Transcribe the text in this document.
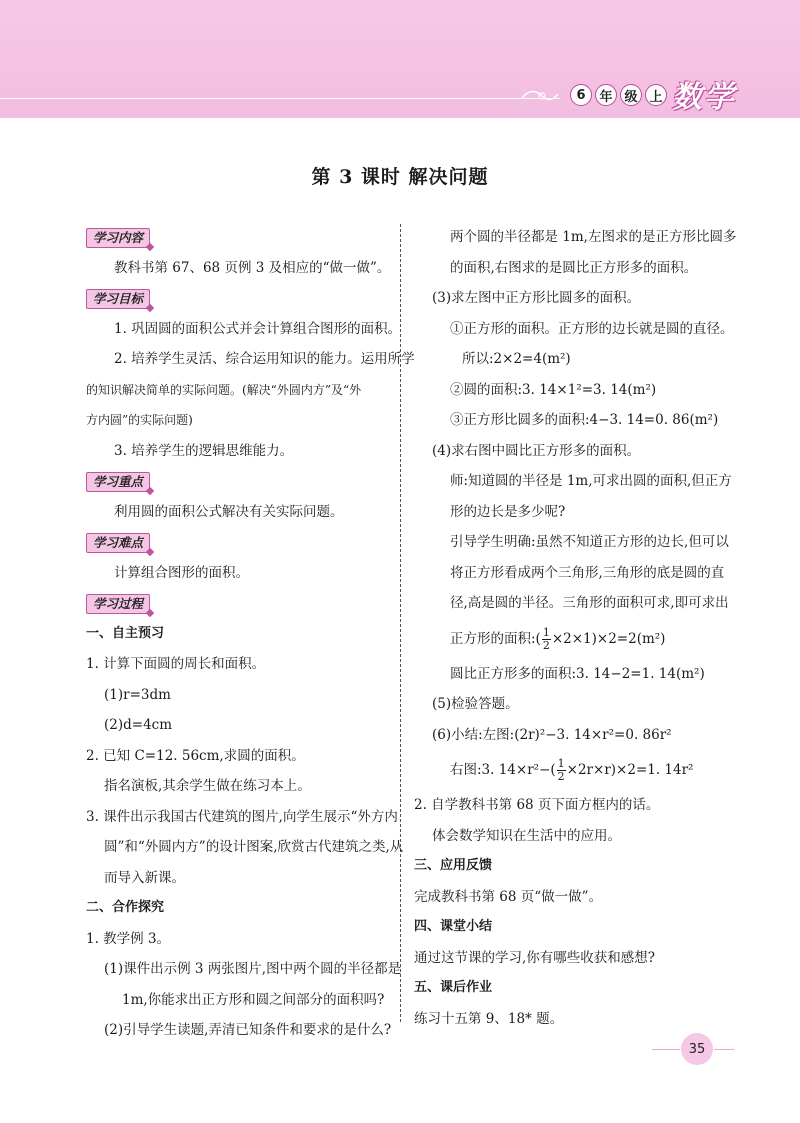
6	年 级 上 数学
第 3 课时 解决问题
学习内容
教科书第 67、68 页例 3 及相应的“做一做”。
学习目标
1. 巩固圆的面积公式并会计算组合图形的面积。
2. 培养学生灵活、综合运用知识的能力。运用所学
的知识解决简单的实际问题。(解决“外圆内方”及“外
方内圆”的实际问题)
3. 培养学生的逻辑思维能力。
学习重点
利用圆的面积公式解决有关实际问题。
学习难点
计算组合图形的面积。
学习过程
一、自主预习
1. 计算下面圆的周长和面积。
(1)r=3dm
(2)d=4cm
2. 已知 C=12. 56cm,求圆的面积。
指名演板,其余学生做在练习本上。
3. 课件出示我国古代建筑的图片,向学生展示“外方内
圆”和“外圆内方”的设计图案,欣赏古代建筑之类,从
而导入新课。
二、合作探究
1. 教学例 3。
(1)课件出示例 3 两张图片,图中两个圆的半径都是
1m,你能求出正方形和圆之间部分的面积吗?
(2)引导学生读题,弄清已知条件和要求的是什么?
两个圆的半径都是 1m,左图求的是正方形比圆多
的面积,右图求的是圆比正方形多的面积。
(3)求左图中正方形比圆多的面积。
①正方形的面积。正方形的边长就是圆的直径。
所以:2×2=4(m²)
②圆的面积:3. 14×1²=3. 14(m²)
③正方形比圆多的面积:4−3. 14=0. 86(m²)
(4)求右图中圆比正方形多的面积。
师:知道圆的半径是 1m,可求出圆的面积,但正方
形的边长是多少呢?
引导学生明确:虽然不知道正方形的边长,但可以
将正方形看成两个三角形,三角形的底是圆的直
径,高是圆的半径。三角形的面积可求,即可求出
正方形的面积:( $\frac{1}{2} \times 2\times 1)\times 2=2(m^2)$
圆比正方形多的面积:3. 14−2=1. 14(m²)
(5)检验答题。
(6)小结:左图:(2r)²−3. 14×r²=0. 86r²
右图:3. $14\times r^2-( \frac{1}{2} \times 2r\times r)\times 2=1$. 14r²
2. 自学教科书第 68 页下面方框内的话。
体会数学知识在生活中的应用。
三、应用反馈
完成教科书第 68 页“做一做”。
四、课堂小结
通过这节课的学习,你有哪些收获和感想?
五、课后作业
练习十五第 9、18* 题。
35
